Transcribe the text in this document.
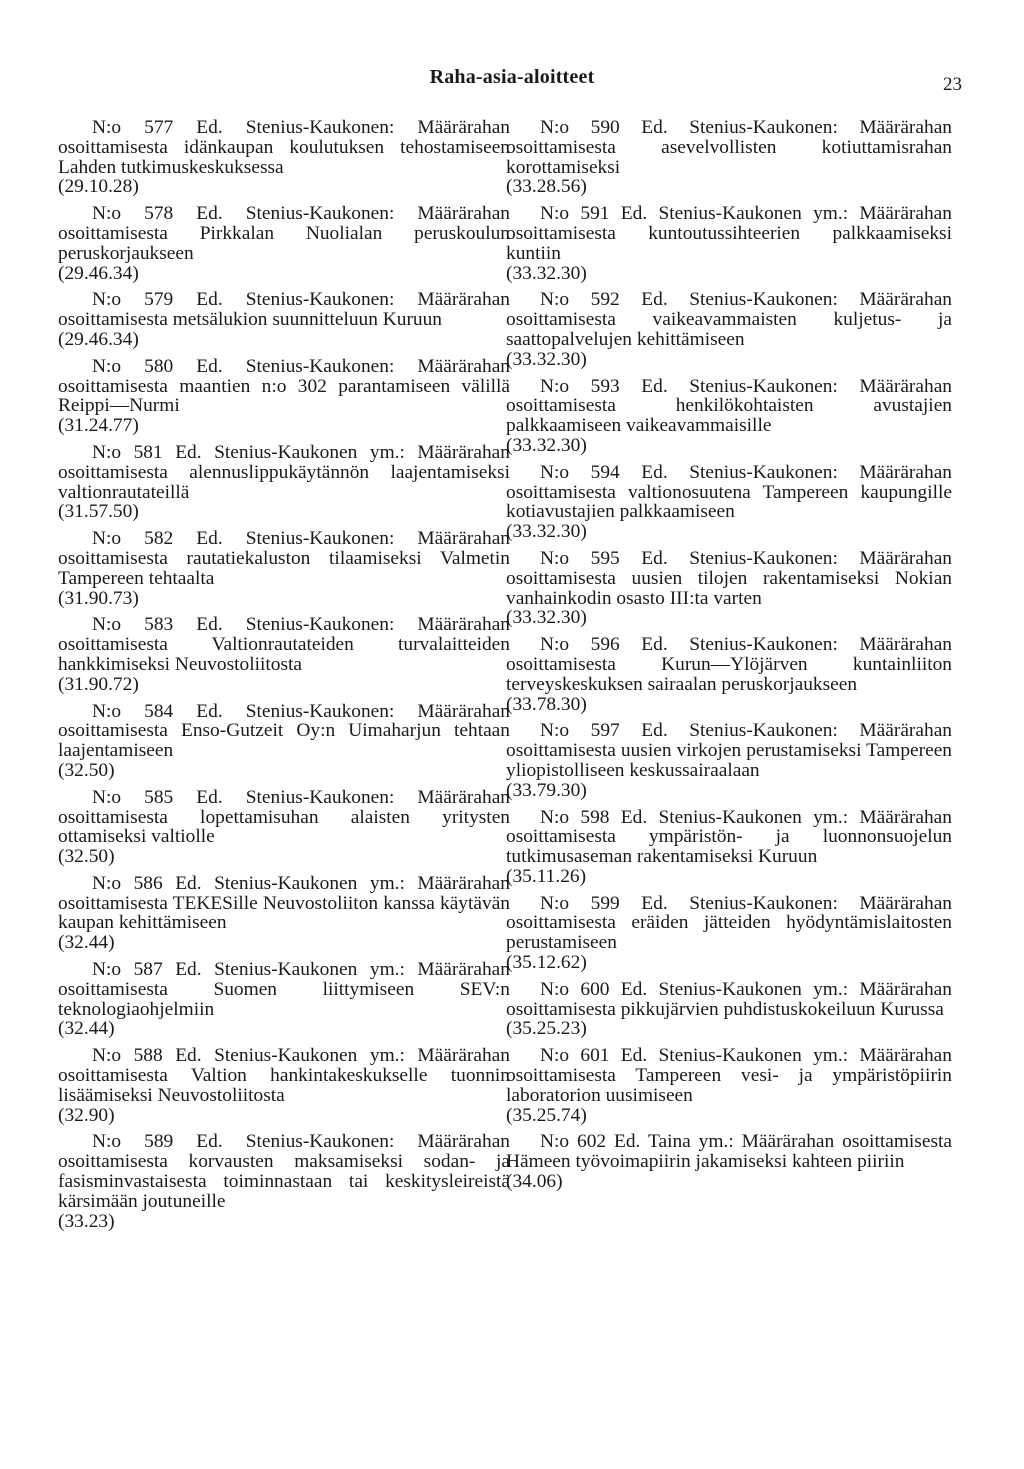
Raha-asia-aloitteet	23
N:o 577 Ed. Stenius-Kaukonen: Määrärahan osoittamisesta idänkaupan koulutuksen tehostamiseen Lahden tutkimuskeskuksessa
(29.10.28)
N:o 578 Ed. Stenius-Kaukonen: Määrärahan osoittamisesta Pirkkalan Nuolialan peruskoulun peruskorjaukseen
(29.46.34)
N:o 579 Ed. Stenius-Kaukonen: Määrärahan osoittamisesta metsälukion suunnitteluun Kuruun
(29.46.34)
N:o 580 Ed. Stenius-Kaukonen: Määrärahan osoittamisesta maantien n:o 302 parantamiseen välillä Reippi—Nurmi
(31.24.77)
N:o 581 Ed. Stenius-Kaukonen ym.: Määrärahan osoittamisesta alennuslippukäytännön laajentamiseksi valtionrautateillä
(31.57.50)
N:o 582 Ed. Stenius-Kaukonen: Määrärahan osoittamisesta rautatiekaluston tilaamiseksi Valmetin Tampereen tehtaalta
(31.90.73)
N:o 583 Ed. Stenius-Kaukonen: Määrärahan osoittamisesta Valtionrautateiden turvalaitteiden hankkimiseksi Neuvostoliitosta
(31.90.72)
N:o 584 Ed. Stenius-Kaukonen: Määrärahan osoittamisesta Enso-Gutzeit Oy:n Uimaharjun tehtaan laajentamiseen
(32.50)
N:o 585 Ed. Stenius-Kaukonen: Määrärahan osoittamisesta lopettamisuhan alaisten yritysten ottamiseksi valtiolle
(32.50)
N:o 586 Ed. Stenius-Kaukonen ym.: Määrärahan osoittamisesta TEKESille Neuvostoliiton kanssa käytävän kaupan kehittämiseen
(32.44)
N:o 587 Ed. Stenius-Kaukonen ym.: Määrärahan osoittamisesta Suomen liittymiseen SEV:n teknologiaohjelmiin
(32.44)
N:o 588 Ed. Stenius-Kaukonen ym.: Määrärahan osoittamisesta Valtion hankintakeskukselle tuonnin lisäämiseksi Neuvostoliitosta
(32.90)
N:o 589 Ed. Stenius-Kaukonen: Määrärahan osoittamisesta korvausten maksamiseksi sodan- ja fasisminvastaisesta toiminnastaan tai keskitysleireistä kärsimään joutuneille
(33.23)
N:o 590 Ed. Stenius-Kaukonen: Määrärahan osoittamisesta asevelvollisten kotiuttamisrahan korottamiseksi
(33.28.56)
N:o 591 Ed. Stenius-Kaukonen ym.: Määrärahan osoittamisesta kuntoutussihteerien palkkaamiseksi kuntiin
(33.32.30)
N:o 592 Ed. Stenius-Kaukonen: Määrärahan osoittamisesta vaikeavammaisten kuljetus- ja saattopalvelujen kehittämiseen
(33.32.30)
N:o 593 Ed. Stenius-Kaukonen: Määrärahan osoittamisesta henkilökohtaisten avustajien palkkaamiseen vaikeavammaisille
(33.32.30)
N:o 594 Ed. Stenius-Kaukonen: Määrärahan osoittamisesta valtionosuutena Tampereen kaupungille kotiavustajien palkkaamiseen
(33.32.30)
N:o 595 Ed. Stenius-Kaukonen: Määrärahan osoittamisesta uusien tilojen rakentamiseksi Nokian vanhainkodin osasto III:ta varten
(33.32.30)
N:o 596 Ed. Stenius-Kaukonen: Määrärahan osoittamisesta Kurun—Ylöjärven kuntainliiton terveyskeskuksen sairaalan peruskorjaukseen
(33.78.30)
N:o 597 Ed. Stenius-Kaukonen: Määrärahan osoittamisesta uusien virkojen perustamiseksi Tampereen yliopistolliseen keskussairaalaan
(33.79.30)
N:o 598 Ed. Stenius-Kaukonen ym.: Määrärahan osoittamisesta ympäristön- ja luonnonsuojelun tutkimusaseman rakentamiseksi Kuruun
(35.11.26)
N:o 599 Ed. Stenius-Kaukonen: Määrärahan osoittamisesta eräiden jätteiden hyödyntämislaitosten perustamiseen
(35.12.62)
N:o 600 Ed. Stenius-Kaukonen ym.: Määrärahan osoittamisesta pikkujärvien puhdistuskokeiluun Kurussa
(35.25.23)
N:o 601 Ed. Stenius-Kaukonen ym.: Määrärahan osoittamisesta Tampereen vesi- ja ympäristöpiirin laboratorion uusimiseen
(35.25.74)
N:o 602 Ed. Taina ym.: Määrärahan osoittamisesta Hämeen työvoimapiirin jakamiseksi kahteen piiriin
(34.06)
